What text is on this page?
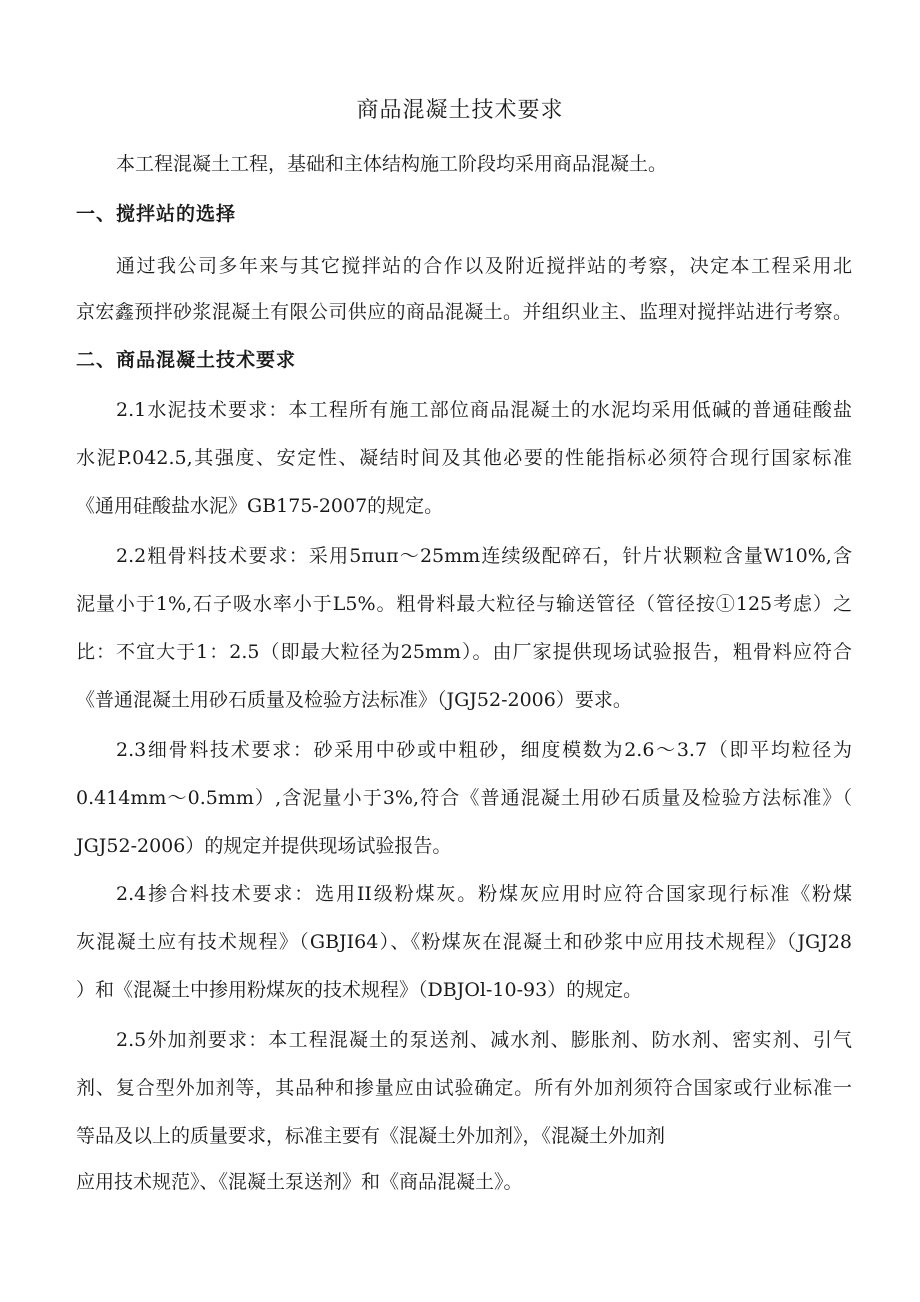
商品混凝土技术要求
本工程混凝土工程，基础和主体结构施工阶段均采用商品混凝土。
一、搅拌站的选择
通过我公司多年来与其它搅拌站的合作以及附近搅拌站的考察，决定本工程采用北
京宏鑫预拌砂浆混凝土有限公司供应的商品混凝土。并组织业主、监理对搅拌站进行考察。
二、商品混凝土技术要求
2.1水泥技术要求：本工程所有施工部位商品混凝土的水泥均采用低碱的普通硅酸盐
水泥P.042.5,其强度、安定性、凝结时间及其他必要的性能指标必须符合现行国家标准
《通用硅酸盐水泥》GB175-2007的规定。
2.2粗骨料技术要求：采用5πuπ～25mm连续级配碎石，针片状颗粒含量W10%,含
泥量小于1%,石子吸水率小于L5%。粗骨料最大粒径与输送管径（管径按①125考虑）之
比：不宜大于1：2.5（即最大粒径为25mm）。由厂家提供现场试验报告，粗骨料应符合
《普通混凝土用砂石质量及检验方法标准》（JGJ52-2006）要求。
2.3细骨料技术要求：砂采用中砂或中粗砂，细度模数为2.6～3.7（即平均粒径为
0.414mm～0.5mm）,含泥量小于3%,符合《普通混凝土用砂石质量及检验方法标准》（
JGJ52-2006）的规定并提供现场试验报告。
2.4掺合料技术要求：选用II级粉煤灰。粉煤灰应用时应符合国家现行标准《粉煤
灰混凝土应有技术规程》（GBJI64）、《粉煤灰在混凝土和砂浆中应用技术规程》（JGJ28
）和《混凝土中掺用粉煤灰的技术规程》（DBJOl-10-93）的规定。
2.5外加剂要求：本工程混凝土的泵送剂、减水剂、膨胀剂、防水剂、密实剂、引气
剂、复合型外加剂等，其品种和掺量应由试验确定。所有外加剂须符合国家或行业标准一
等品及以上的质量要求，标准主要有《混凝土外加剂》，《混凝土外加剂
应用技术规范》、《混凝土泵送剂》和《商品混凝土》。
